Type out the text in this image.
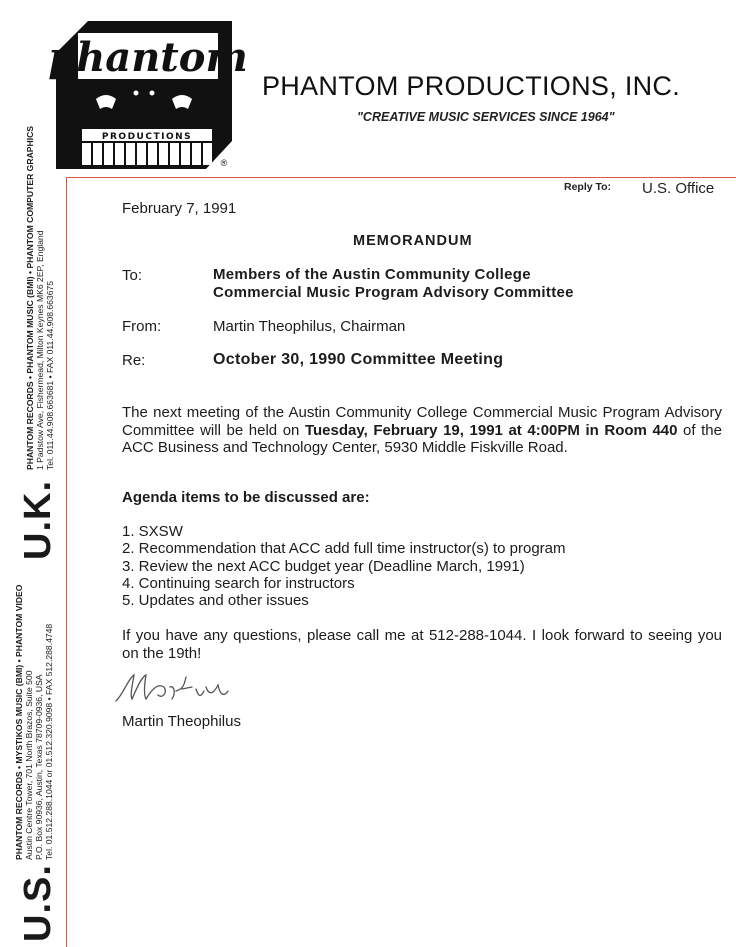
phantom
PRODUCTIONS
®
PHANTOM PRODUCTIONS, INC.
"CREATIVE MUSIC SERVICES SINCE 1964"
Reply To: U.S. Office
February 7, 1991
MEMORANDUM
To:	Members of the Austin Community College
Commercial Music Program Advisory Committee
From:	Martin Theophilus, Chairman
Re:	October 30, 1990 Committee Meeting
The next meeting of the Austin Community College Commercial Music Program Advisory Committee will be held on Tuesday, February 19, 1991 at 4:00PM in Room 440 of the ACC Business and Technology Center, 5930 Middle Fiskville Road.
Agenda items to be discussed are:
1. SXSW
2. Recommendation that ACC add full time instructor(s) to program
3. Review the next ACC budget year (Deadline March, 1991)
4. Continuing search for instructors
5. Updates and other issues
If you have any questions, please call me at 512-288-1044. I look forward to seeing you on the 19th!
Martin Theophilus
U.K.
PHANTOM RECORDS • PHANTOM MUSIC (BMI) • PHANTOM COMPUTER GRAPHICS 1 Padstow Ave, Fishermead, Milton Keynes MK6 2EP, England Tel. 011.44.908.663681 • FAX 011.44.908.663675
U.S.
PHANTOM RECORDS • MYSTIKOS MUSIC (BMI) • PHANTOM VIDEO Austin Centre Tower, 701 North Brazos, Suite 500 P.O. Box 90936, Austin, Texas 78709-0936, USA Tel. 01.512.288.1044 or 01.512.320.9098 • FAX 512.288.4748
